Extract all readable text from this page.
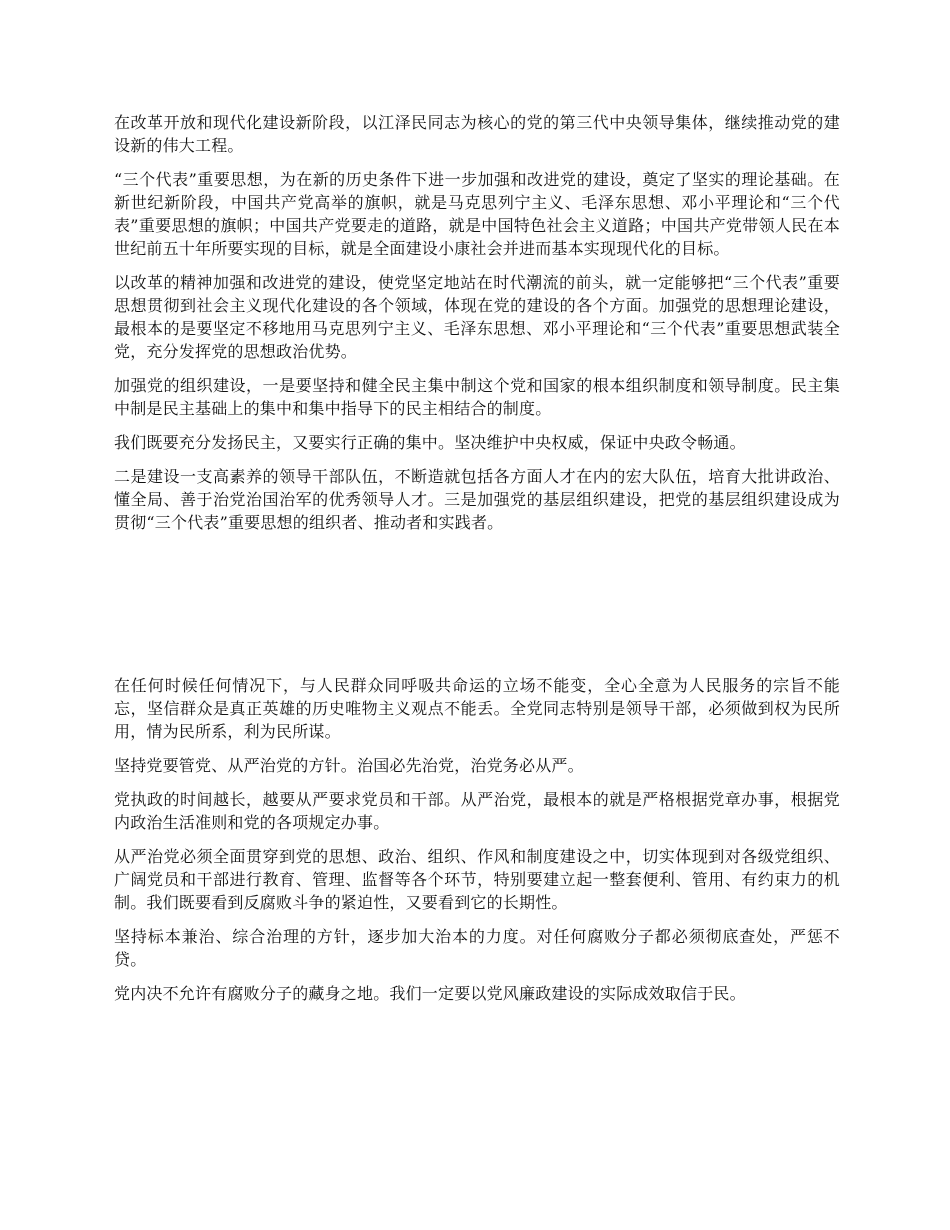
在改革开放和现代化建设新阶段，以江泽民同志为核心的党的第三代中央领导集体，继续推动党的建设新的伟大工程。

“三个代表”重要思想，为在新的历史条件下进一步加强和改进党的建设，奠定了坚实的理论基础。在新世纪新阶段，中国共产党高举的旗帜，就是马克思列宁主义、毛泽东思想、邓小平理论和“三个代表”重要思想的旗帜；中国共产党要走的道路，就是中国特色社会主义道路；中国共产党带领人民在本世纪前五十年所要实现的目标，就是全面建设小康社会并进而基本实现现代化的目标。

以改革的精神加强和改进党的建设，使党坚定地站在时代潮流的前头，就一定能够把“三个代表”重要思想贯彻到社会主义现代化建设的各个领域，体现在党的建设的各个方面。加强党的思想理论建设，最根本的是要坚定不移地用马克思列宁主义、毛泽东思想、邓小平理论和“三个代表”重要思想武装全党，充分发挥党的思想政治优势。

加强党的组织建设，一是要坚持和健全民主集中制这个党和国家的根本组织制度和领导制度。民主集中制是民主基础上的集中和集中指导下的民主相结合的制度。

我们既要充分发扬民主，又要实行正确的集中。坚决维护中央权威，保证中央政令畅通。

二是建设一支高素养的领导干部队伍，不断造就包括各方面人才在内的宏大队伍，培育大批讲政治、懂全局、善于治党治国治军的优秀领导人才。三是加强党的基层组织建设，把党的基层组织建设成为贯彻“三个代表”重要思想的组织者、推动者和实践者。

在任何时候任何情况下，与人民群众同呼吸共命运的立场不能变，全心全意为人民服务的宗旨不能忘，坚信群众是真正英雄的历史唯物主义观点不能丢。全党同志特别是领导干部，必须做到权为民所用，情为民所系，利为民所谋。

坚持党要管党、从严治党的方针。治国必先治党，治党务必从严。

党执政的时间越长，越要从严要求党员和干部。从严治党，最根本的就是严格根据党章办事，根据党内政治生活准则和党的各项规定办事。

从严治党必须全面贯穿到党的思想、政治、组织、作风和制度建设之中，切实体现到对各级党组织、广阔党员和干部进行教育、管理、监督等各个环节，特别要建立起一整套便利、管用、有约束力的机制。我们既要看到反腐败斗争的紧迫性，又要看到它的长期性。

坚持标本兼治、综合治理的方针，逐步加大治本的力度。对任何腐败分子都必须彻底查处，严惩不贷。

党内决不允许有腐败分子的藏身之地。我们一定要以党风廉政建设的实际成效取信于民。
